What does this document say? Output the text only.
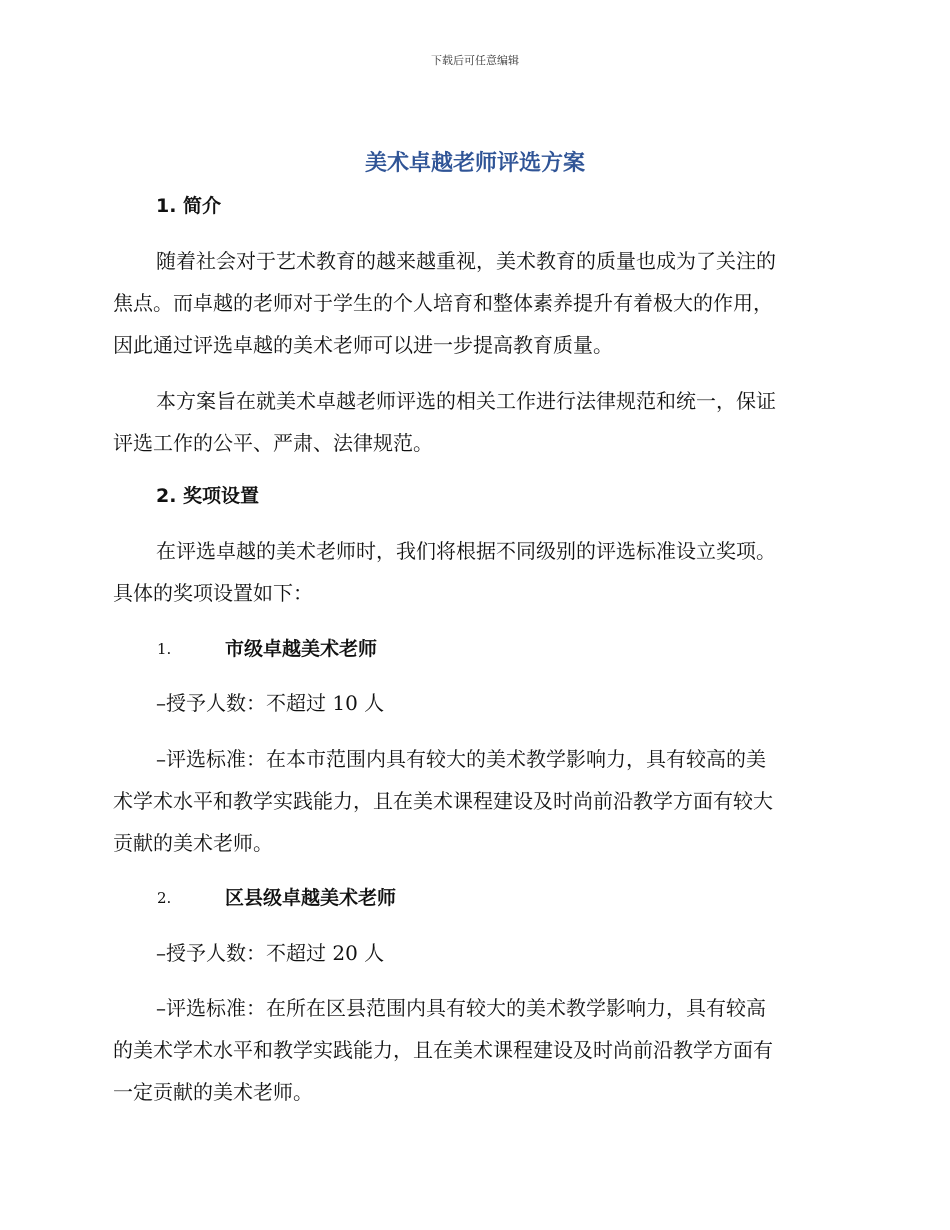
下载后可任意编辑
美术卓越老师评选方案
1. 简介
随着社会对于艺术教育的越来越重视，美术教育的质量也成为了关注的
焦点。而卓越的老师对于学生的个人培育和整体素养提升有着极大的作用，
因此通过评选卓越的美术老师可以进一步提高教育质量。
本方案旨在就美术卓越老师评选的相关工作进行法律规范和统一，保证
评选工作的公平、严肃、法律规范。
2. 奖项设置
在评选卓越的美术老师时，我们将根据不同级别的评选标准设立奖项。
具体的奖项设置如下：
1.	市级卓越美术老师
–授予人数：不超过 10 人
–评选标准：在本市范围内具有较大的美术教学影响力，具有较高的美
术学术水平和教学实践能力，且在美术课程建设及时尚前沿教学方面有较大
贡献的美术老师。
2.	区县级卓越美术老师
–授予人数：不超过 20 人
–评选标准：在所在区县范围内具有较大的美术教学影响力，具有较高
的美术学术水平和教学实践能力，且在美术课程建设及时尚前沿教学方面有
一定贡献的美术老师。
